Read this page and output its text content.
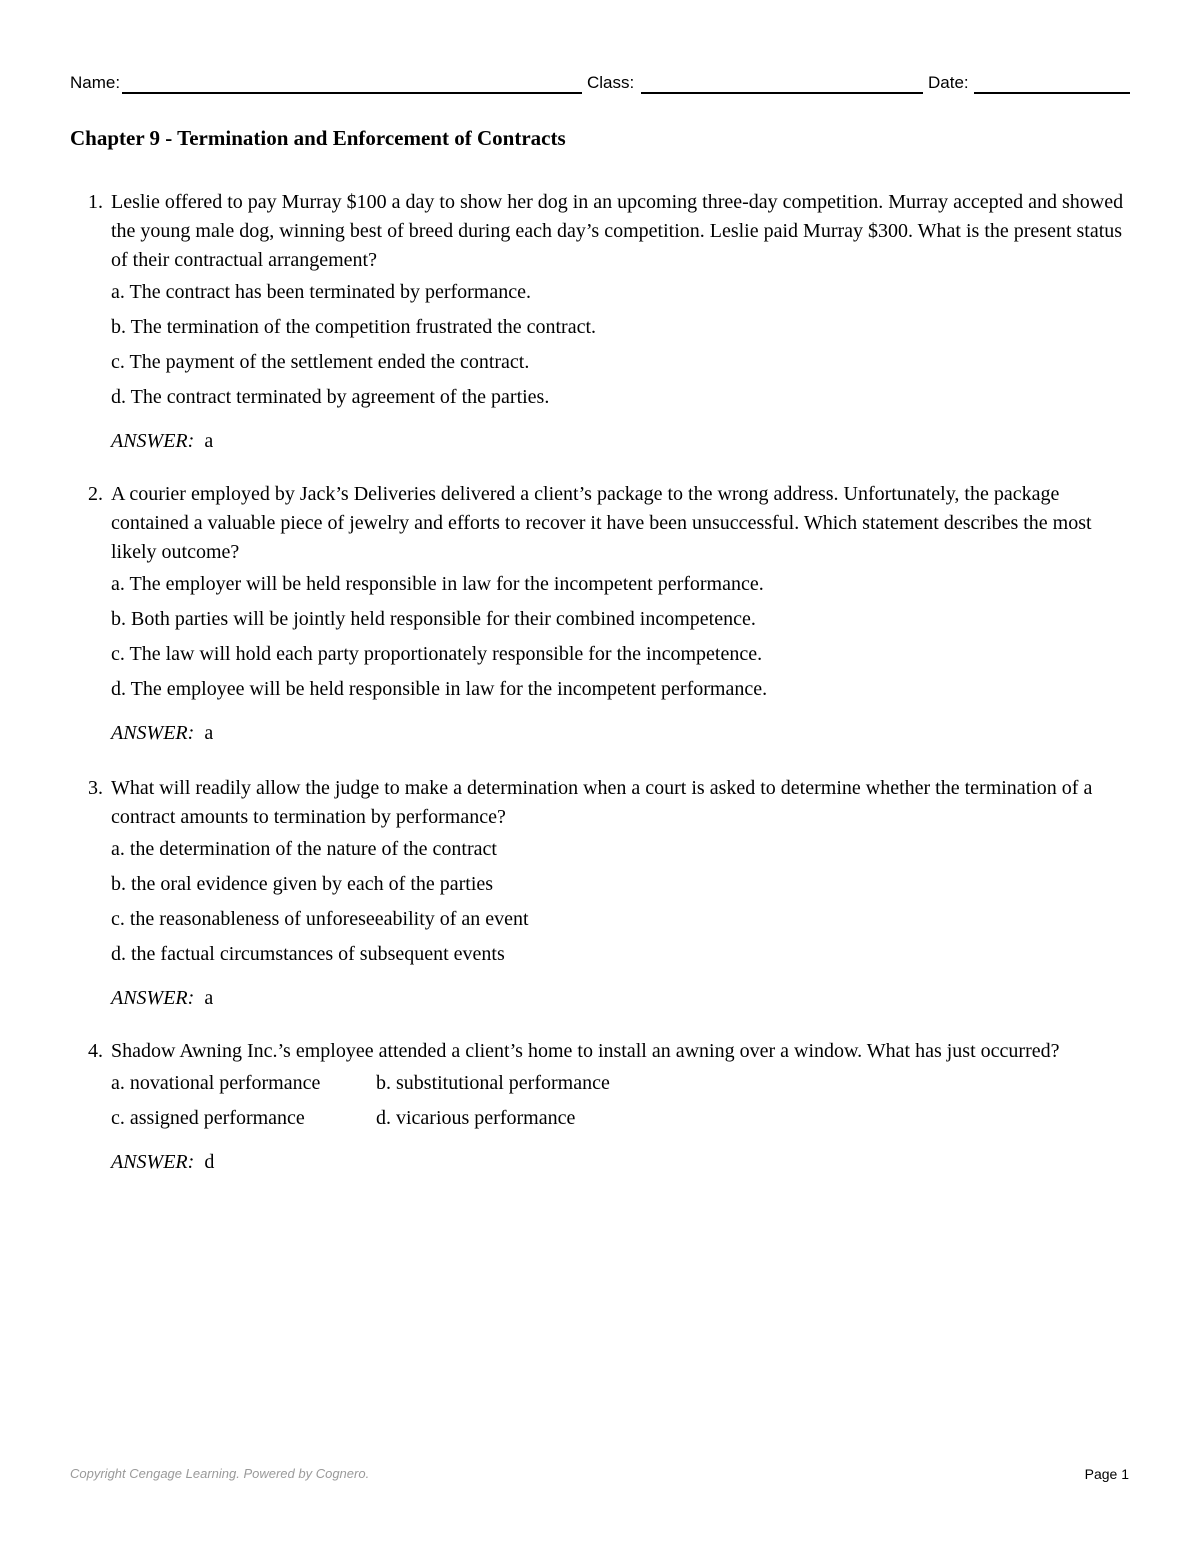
Name:	Class:	Date:
Chapter 9 - Termination and Enforcement of Contracts
1. Leslie offered to pay Murray $100 a day to show her dog in an upcoming three-day competition. Murray accepted and showed the young male dog, winning best of breed during each day’s competition. Leslie paid Murray $300. What is the present status of their contractual arrangement?
a. The contract has been terminated by performance.
b. The termination of the competition frustrated the contract.
c. The payment of the settlement ended the contract.
d. The contract terminated by agreement of the parties.
ANSWER: a
2. A courier employed by Jack’s Deliveries delivered a client’s package to the wrong address. Unfortunately, the package contained a valuable piece of jewelry and efforts to recover it have been unsuccessful. Which statement describes the most likely outcome?
a. The employer will be held responsible in law for the incompetent performance.
b. Both parties will be jointly held responsible for their combined incompetence.
c. The law will hold each party proportionately responsible for the incompetence.
d. The employee will be held responsible in law for the incompetent performance.
ANSWER: a
3. What will readily allow the judge to make a determination when a court is asked to determine whether the termination of a contract amounts to termination by performance?
a. the determination of the nature of the contract
b. the oral evidence given by each of the parties
c. the reasonableness of unforeseeability of an event
d. the factual circumstances of subsequent events
ANSWER: a
4. Shadow Awning Inc.’s employee attended a client’s home to install an awning over a window. What has just occurred?
a. novational performance	b. substitutional performance
c. assigned performance	d. vicarious performance
ANSWER: d
Copyright Cengage Learning. Powered by Cognero.	Page 1
